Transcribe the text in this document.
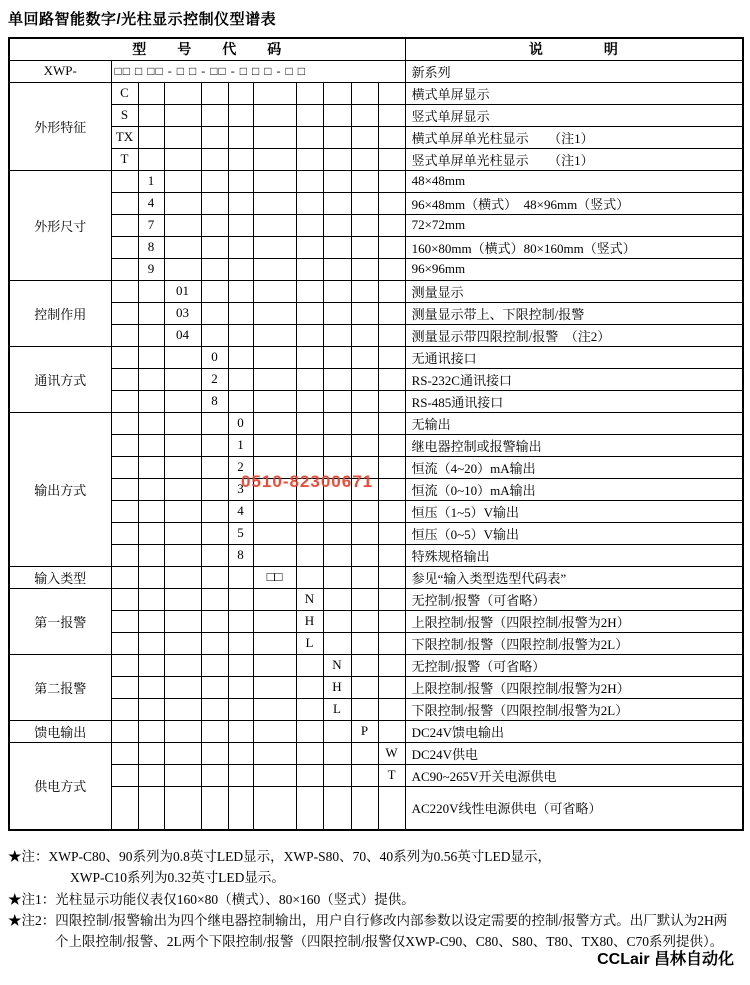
单回路智能数字/光柱显示控制仪型谱表
型　　号　　代　　码											说　　　　明
XWP-	□□ □ □□ - □ □ - □□ - □ □ □ - □ □										新系列
外形特征	C										横式单屏显示
	S										竖式单屏显示
	TX										横式单屏单光柱显示　　（注1）
	T										竖式单屏单光柱显示　　（注1）
外形尺寸		1									48×48mm
		4									96×48mm（横式）　48×96mm（竖式）
		7									72×72mm
		8									160×80mm（横式）80×160mm（竖式）
		9									96×96mm
控制作用			01								测量显示
			03								测量显示带上、下限控制/报警
			04								测量显示带四限控制/报警　（注2）
通讯方式				0							无通讯接口
				2							RS-232C通讯接口
				8							RS-485通讯接口
输出方式					0						无输出
					1						继电器控制或报警输出
					2						恒流（4~20）mA输出
					3						恒流（0~10）mA输出
					4						恒压（1~5）V输出
					5						恒压（0~5）V输出
					8						特殊规格输出
输入类型						□□					参见“输入类型选型代码表”
第一报警							N				无控制/报警（可省略）
							H				上限控制/报警（四限控制/报警为2H）
							L				下限控制/报警（四限控制/报警为2L）
第二报警								N			无控制/报警（可省略）
								H			上限控制/报警（四限控制/报警为2H）
								L			下限控制/报警（四限控制/报警为2L）
馈电输出									P		DC24V馈电输出
供电方式										W	DC24V供电
										T	AC90~265V开关电源供电
											AC220V线性电源供电（可省略）
★注：XWP-C80、90系列为0.8英寸LED显示，XWP-S80、70、40系列为0.56英寸LED显示，
XWP-C10系列为0.32英寸LED显示。
★注1：光柱显示功能仪表仅160×80（横式）、80×160（竖式）提供。
★注2：四限控制/报警输出为四个继电器控制输出，用户自行修改内部参数以设定需要的控制/报警方式。出厂默认为2H两个上限控制/报警、2L两个下限控制/报警（四限控制/报警仅XWP-C90、C80、S80、T80、TX80、C70系列提供）。
0510-82300671
CCLair 昌林自动化
